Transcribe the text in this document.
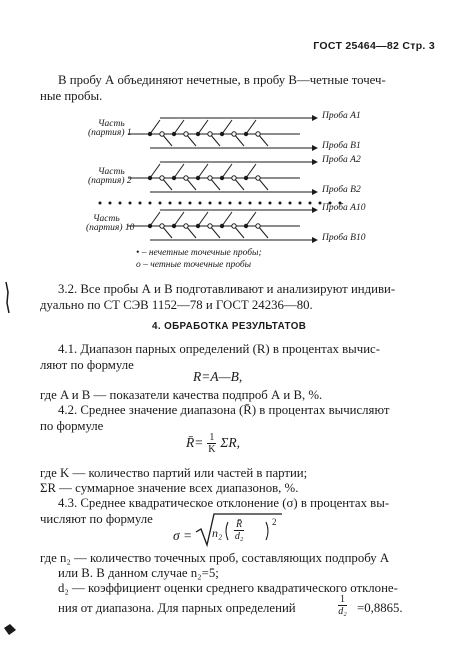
ГОСТ 25464—82 Стр. 3
В пробу А объединяют нечетные, в пробу В—четные точеч-
ные пробы.
Часть
(партия) 1
Часть
(партия) 2
Часть
(партия) 10
Проба A1
Проба B1
Проба A2
Проба B2
Проба A10
Проба B10
• – нечетные точечные пробы;
о – четные точечные пробы
3.2. Все пробы А и В подготавливают и анализируют индиви-
дуально по СТ СЭВ 1152—78 и ГОСТ 24236—80.
4. ОБРАБОТКА РЕЗУЛЬТАТОВ
4.1. Диапазон парных определений (R) в процентах вычис-
ляют по формуле
R=A—B,
где A и B — показатели качества подпроб А и В, %.
4.2. Среднее значение диапазона (R̄) в процентах вычисляют
по формуле
R̄= $\frac{1}{K} \Sigma R$,
где K — количество партий или частей в партии;
ΣR — суммарное значение всех диапазонов, %.
4.3. Среднее квадратическое отклонение (σ) в процентах вы-
числяют по формуле
$\sigma = n_2 \frac{R̄}{\text{d₂}}$	2
где n₂ — количество точечных проб, составляющих подпробу А
или В. В данном случае n₂=5;
d₂ — коэффициент оценки среднего квадратического отклоне-
ния от диапазона. Для парных определений	$\frac{1}{\text{d₂}} =0,8865$.
